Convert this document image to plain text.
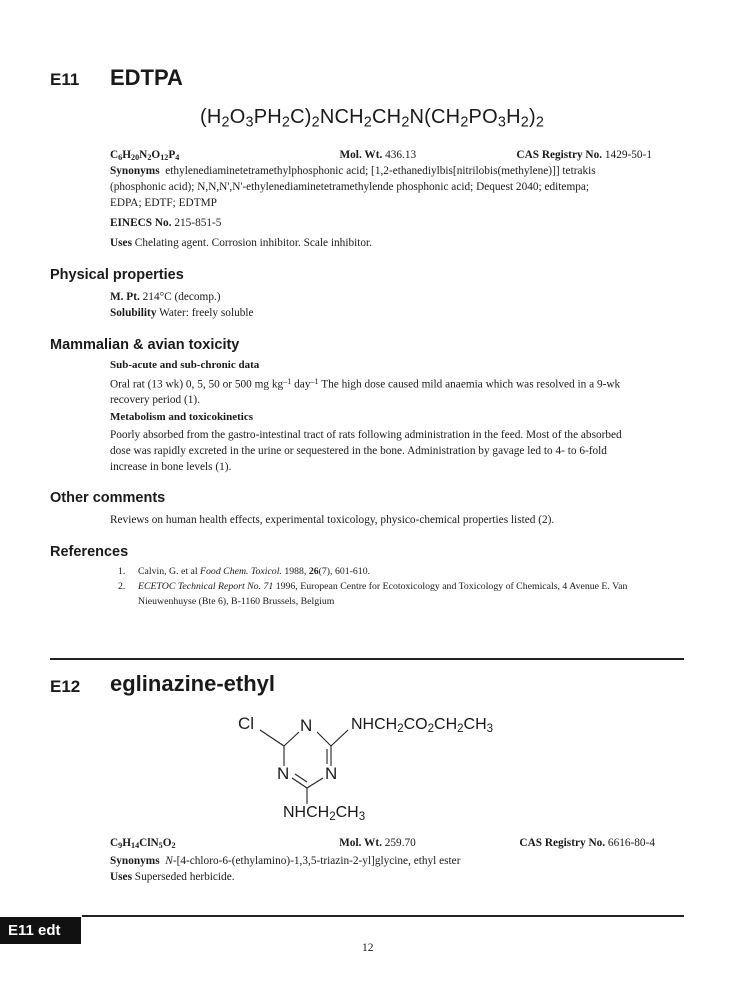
E11 EDTPA
$(H_2O_3PH_2C)_2NCH_2CH_2N(CH_2PO_3H_2)_2$
$C_6H_{20}N_2O_{12}P_4$	Mol. Wt. 436.13	CAS Registry No. 1429-50-1
Synonyms ethylenediaminetetramethylphosphonic acid; [1,2-ethanediylbis[nitrilobis(methylene)]] tetrakis
(phosphonic acid); N,N,N',N'-ethylenediaminetetramethylende phosphonic acid; Dequest 2040; editempa;
EDPA; EDTF; EDTMP
EINECS No. 215-851-5
Uses Chelating agent. Corrosion inhibitor. Scale inhibitor.
Physical properties
M. Pt. 214°C (decomp.)
Solubility Water: freely soluble
Mammalian & avian toxicity
Sub-acute and sub-chronic data
Oral rat (13 wk) 0, 5, 50 or 500 mg $kg^{-1}$ day$^{-1}$ The high dose caused mild anaemia which was resolved in a 9-wk
recovery period (1).
Metabolism and toxicokinetics
Poorly absorbed from the gastro-intestinal tract of rats following administration in the feed. Most of the absorbed
dose was rapidly excreted in the urine or sequestered in the bone. Administration by gavage led to 4- to 6-fold
increase in bone levels (1).
Other comments
Reviews on human health effects, experimental toxicology, physico-chemical properties listed (2).
References
1.	Calvin, G. et al Food Chem. Toxicol. 1988, 26(7), 601-610.
2.	ECETOC Technical Report No. 71 1996, European Centre for Ecotoxicology and Toxicology of Chemicals, 4 Avenue E. Van
Nieuwenhuyse (Bte 6), B-1160 Brussels, Belgium
E12 eglinazine-ethyl
Cl	N $NHCH_2CO_2CH_2CH_3$
N N
$NHCH_2CH_3$
$C_9H_{14}ClN_5O_2$	Mol. Wt. 259.70	CAS Registry No. 6616-80-4
Synonyms N-[4-chloro-6-(ethylamino)-1,3,5-triazin-2-yl]glycine, ethyl ester
Uses Superseded herbicide.
E11 edt
12
